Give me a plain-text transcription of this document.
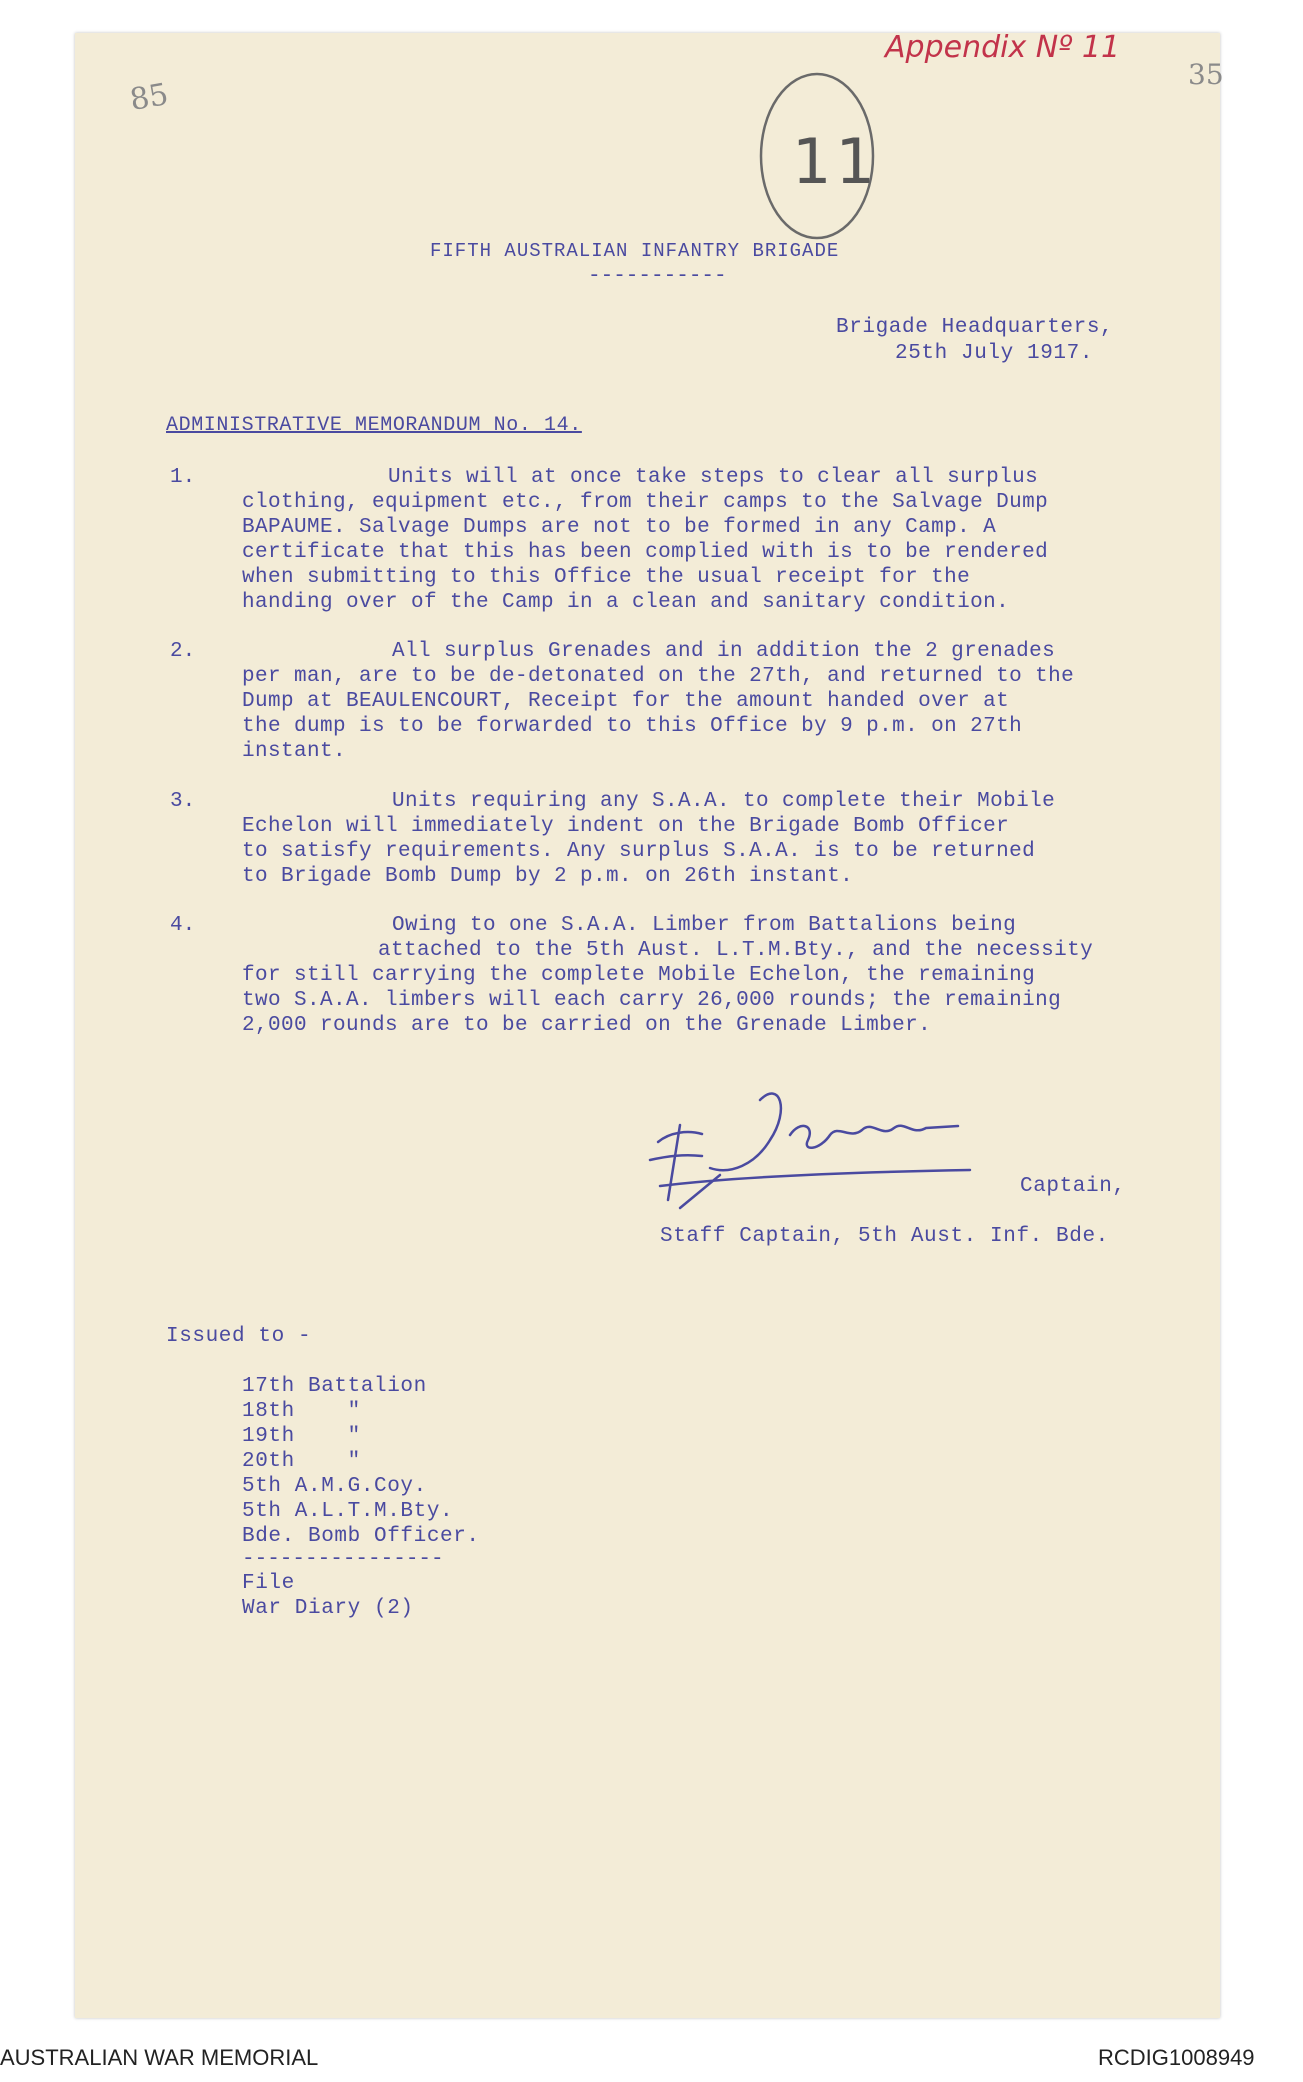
Appendix Nº 11
85
35
11
FIFTH AUSTRALIAN INFANTRY BRIGADE
-----------
Brigade Headquarters,
25th July 1917.
ADMINISTRATIVE MEMORANDUM No. 14.
1.	Units will at once take steps to clear all surplus
clothing, equipment etc., from their camps to the Salvage Dump
BAPAUME. Salvage Dumps are not to be formed in any Camp. A
certificate that this has been complied with is to be rendered
when submitting to this Office the usual receipt for the
handing over of the Camp in a clean and sanitary condition.
2.	All surplus Grenades and in addition the 2 grenades
per man, are to be de-detonated on the 27th, and returned to the
Dump at BEAULENCOURT, Receipt for the amount handed over at
the dump is to be forwarded to this Office by 9 p.m. on 27th
instant.
3.	Units requiring any S.A.A. to complete their Mobile
Echelon will immediately indent on the Brigade Bomb Officer
to satisfy requirements. Any surplus S.A.A. is to be returned
to Brigade Bomb Dump by 2 p.m. on 26th instant.
4.	Owing to one S.A.A. Limber from Battalions being
attached to the 5th Aust. L.T.M.Bty., and the necessity
for still carrying the complete Mobile Echelon, the remaining
two S.A.A. limbers will each carry 26,000 rounds; the remaining
2,000 rounds are to be carried on the Grenade Limber.
Captain,
Staff Captain, 5th Aust. Inf. Bde.
Issued to -
17th Battalion
18th    "
19th    "
20th    "
5th A.M.G.Coy.
5th A.L.T.M.Bty.
Bde. Bomb Officer.
----------------
File
War Diary (2)
AUSTRALIAN WAR MEMORIAL	RCDIG1008949
